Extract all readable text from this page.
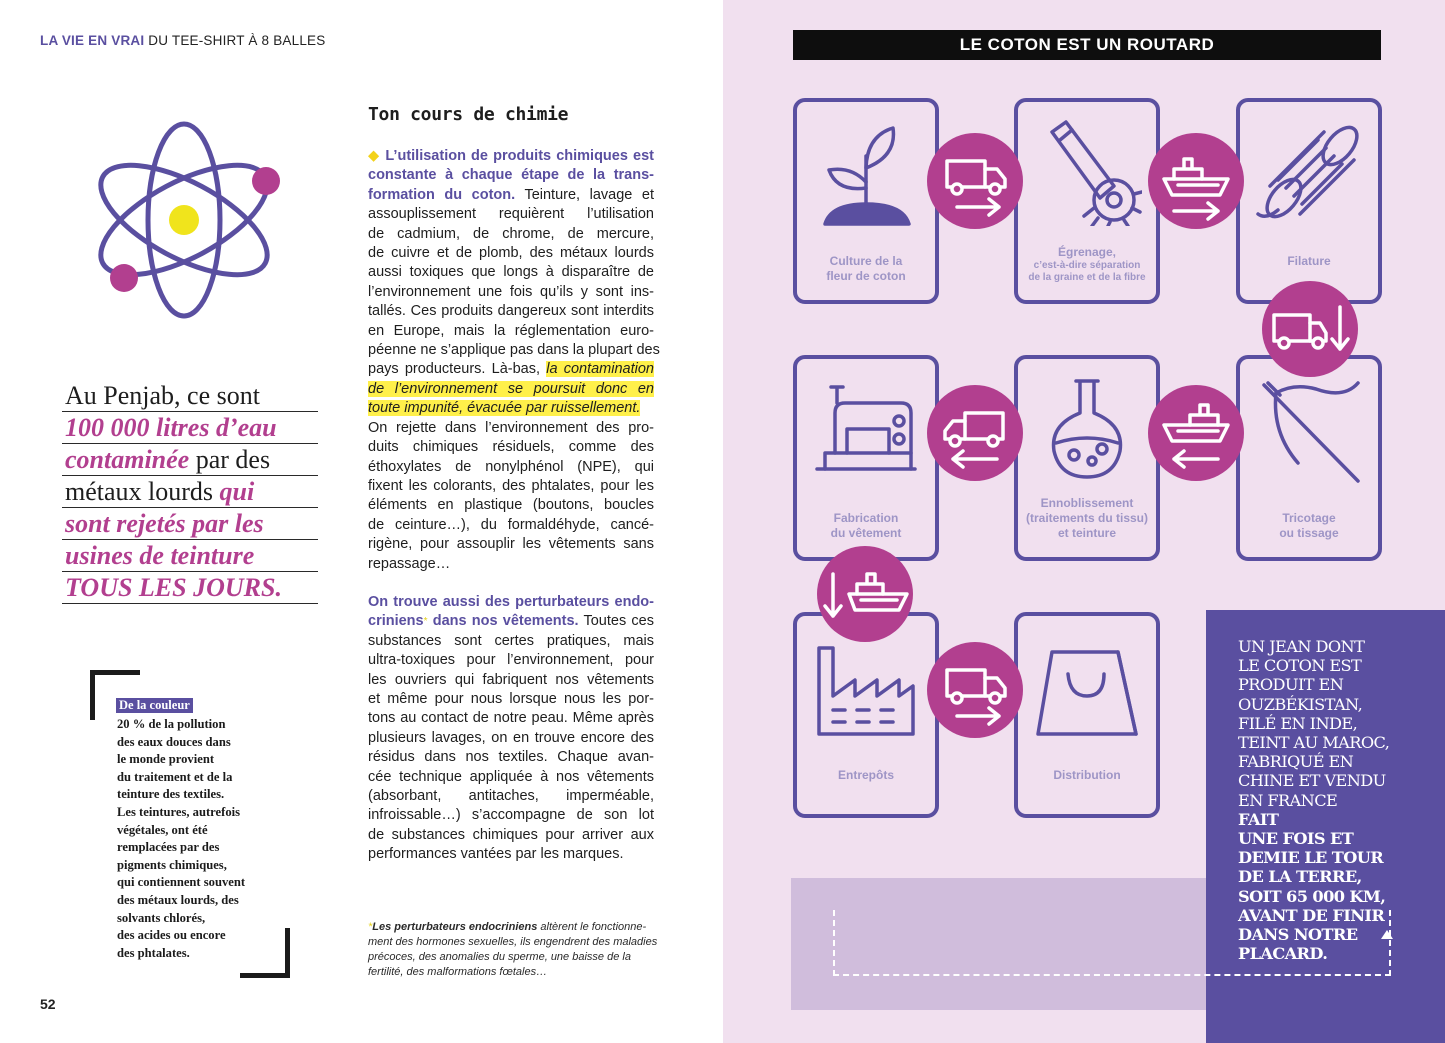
LA VIE EN VRAI DU TEE-SHIRT À 8 BALLES
Au Penjab, ce sont
100 000 litres d’eau
contaminée par des
métaux lourds qui
sont rejetés par les
usines de teinture
TOUS LES JOURS.
De la couleur
20 % de la pollution
des eaux douces dans
le monde provient
du traitement et de la
teinture des textiles.
Les teintures, autrefois
végétales, ont été
remplacées par des
pigments chimiques,
qui contiennent souvent
des métaux lourds, des
solvants chlorés,
des acides ou encore
des phtalates.
Ton cours de chimie
◆ L’utilisation de produits chimiques est
constante à chaque étape de la trans-
formation du coton. Teinture, lavage et
assouplissement requièrent l’utilisation
de cadmium, de chrome, de mercure,
de cuivre et de plomb, des métaux lourds
aussi toxiques que longs à disparaître de
l’environnement une fois qu’ils y sont ins-
tallés. Ces produits dangereux sont interdits
en Europe, mais la réglementation euro-
péenne ne s’applique pas dans la plupart des
pays producteurs. Là-bas, la contamination
de l’environnement se poursuit donc en
toute impunité, évacuée par ruissellement.
On rejette dans l’environnement des pro-
duits chimiques résiduels, comme des
éthoxylates de nonylphénol (NPE), qui
fixent les colorants, des phtalates, pour les
éléments en plastique (boutons, boucles
de ceinture…), du formaldéhyde, cancé-
rigène, pour assouplir les vêtements sans
repassage…
On trouve aussi des perturbateurs endo-
criniens* dans nos vêtements. Toutes ces
substances sont certes pratiques, mais
ultra-toxiques pour l’environnement, pour
les ouvriers qui fabriquent nos vêtements
et même pour nous lorsque nous les por-
tons au contact de notre peau. Même après
plusieurs lavages, on en trouve encore des
résidus dans nos textiles. Chaque avan-
cée technique appliquée à nos vêtements
(absorbant, antitaches, imperméable,
infroissable…) s’accompagne de son lot
de substances chimiques pour arriver aux
performances vantées par les marques.
*Les perturbateurs endocriniens altèrent le fonctionne-
ment des hormones sexuelles, ils engendrent des maladies
précoces, des anomalies du sperme, une baisse de la
fertilité, des malformations fœtales…
52
LE COTON EST UN ROUTARD
Culture de la
fleur de coton
Égrenage,
c’est-à-dire séparation
de la graine et de la fibre
Filature

Fabrication
du vêtement
Ennoblissement
(traitements du tissu)
et teinture
Tricotage
ou tissage
Entrepôts
	Distribution

UN JEAN DONT
LE COTON EST
PRODUIT EN
OUZBÉKISTAN,
FILÉ EN INDE,
TEINT AU MAROC,
FABRIQUÉ EN
CHINE ET VENDU
EN FRANCE
FAIT
UNE FOIS ET
DEMIE LE TOUR
DE LA TERRE,
SOIT 65 000 KM,
AVANT DE FINIR
DANS NOTRE
PLACARD.
